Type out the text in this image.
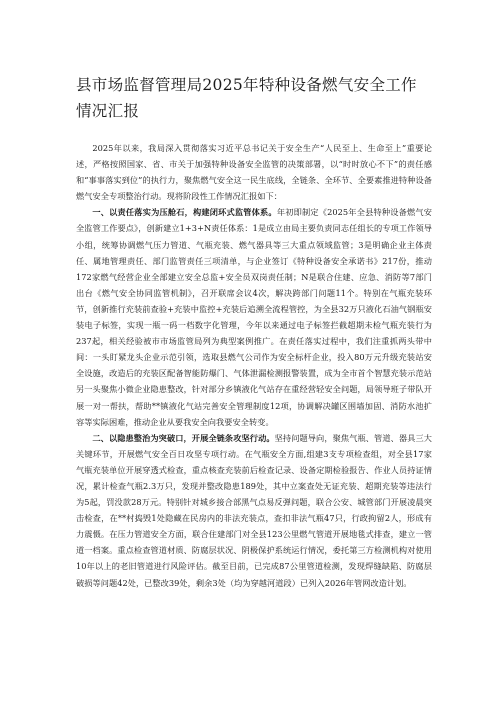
县市场监督管理局2025年特种设备燃气安全工作情况汇报

2025年以来，我局深入贯彻落实习近平总书记关于安全生产“人民至上、生命至上”重要论述，严格按照国家、省、市关于加强特种设备安全监管的决策部署，以“时时放心不下”的责任感和“事事落实到位”的执行力，聚焦燃气安全这一民生底线，全链条、全环节、全要素推进特种设备燃气安全专项整治行动。现将阶段性工作情况汇报如下：

一、以责任落实为压舱石，构建闭环式监管体系。年初即制定《2025年全县特种设备燃气安全监管工作要点》，创新建立1+3+N责任体系：1是成立由局主要负责同志任组长的专项工作领导小组，统筹协调燃气压力管道、气瓶充装、燃气器具等三大重点领域监管；3是明确企业主体责任、属地管理责任、部门监管责任三项清单，与企业签订《特种设备安全承诺书》217份，推动172家燃气经营企业全部建立安全总监+安全员双岗责任制；N是联合住建、应急、消防等7部门出台《燃气安全协同监管机制》，召开联席会议4次，解决跨部门问题11个。特别在气瓶充装环节，创新推行充装前查验+充装中监控+充装后追溯全流程管控，为全县32万只液化石油气钢瓶安装电子标签，实现一瓶一码一档数字化管理，今年以来通过电子标签拦截超期未检气瓶充装行为237起，相关经验被市市场监管局列为典型案例推广。在责任落实过程中，我们注重抓两头带中间：一头盯紧龙头企业示范引领，选取县燃气公司作为安全标杆企业，投入80万元升级充装站安全设施，改造后的充装区配备智能防爆门、气体泄漏检测报警装置，成为全市首个智慧充装示范站另一头聚焦小微企业隐患整改，针对部分乡镇液化气站存在重经营轻安全问题，局领导班子带队开展一对一帮扶，帮助**镇液化气站完善安全管理制度12项，协调解决罐区围墙加固、消防水池扩容等实际困难，推动企业从要我安全向我要安全转变。

二、以隐患整治为突破口，开展全链条攻坚行动。坚持问题导向，聚焦气瓶、管道、器具三大关键环节，开展燃气安全百日攻坚专项行动。在气瓶安全方面,组建3支专项检查组，对全县17家气瓶充装单位开展穿透式检查，重点核查充装前后检查记录、设备定期检验报告、作业人员持证情况，累计检查气瓶2.3万只，发现并整改隐患189处，其中立案查处无证充装、超期充装等违法行为5起，罚没款28万元。特别针对城乡接合部黑气点易反弹问题，联合公安、城管部门开展凌晨突击检查，在**村捣毁1处隐藏在民房内的非法充装点，查扣非法气瓶47只，行政拘留2人，形成有力震慑。在压力管道安全方面，联合住建部门对全县123公里燃气管道开展地毯式排查，建立一管道一档案。重点检查管道材质、防腐层状况、阴极保护系统运行情况，委托第三方检测机构对使用10年以上的老旧管道进行风险评估。截至目前，已完成87公里管道检测，发现焊缝缺陷、防腐层破损等问题42处，已整改39处，剩余3处（均为穿越河道段）已列入2026年管网改造计划。
